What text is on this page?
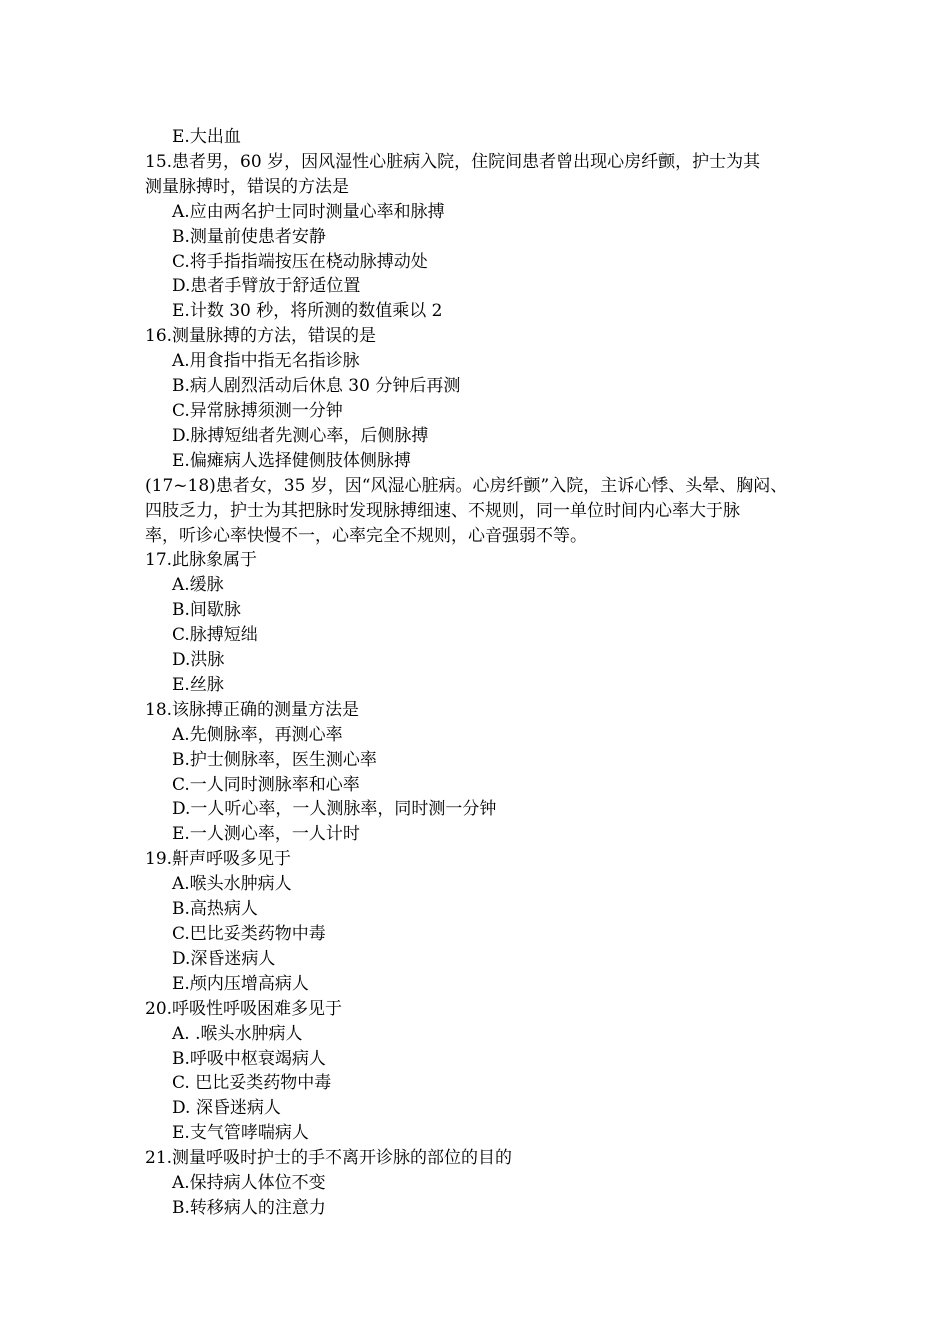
E.大出血
15.患者男，60 岁，因风湿性心脏病入院，住院间患者曾出现心房纤颤，护士为其
测量脉搏时，错误的方法是
A.应由两名护士同时测量心率和脉搏
B.测量前使患者安静
C.将手指指端按压在桡动脉搏动处
D.患者手臂放于舒适位置
E.计数 30 秒，将所测的数值乘以 2
16.测量脉搏的方法，错误的是
A.用食指中指无名指诊脉
B.病人剧烈活动后休息 30 分钟后再测
C.异常脉搏须测一分钟
D.脉搏短绌者先测心率，后侧脉搏
E.偏瘫病人选择健侧肢体侧脉搏
(17~18)患者女，35 岁，因“风湿心脏病。心房纤颤”入院，主诉心悸、头晕、胸闷、
四肢乏力，护士为其把脉时发现脉搏细速、不规则，同一单位时间内心率大于脉
率，听诊心率快慢不一，心率完全不规则，心音强弱不等。
17.此脉象属于
A.缓脉
B.间歇脉
C.脉搏短绌
D.洪脉
E.丝脉
18.该脉搏正确的测量方法是
A.先侧脉率，再测心率
B.护士侧脉率，医生测心率
C.一人同时测脉率和心率
D.一人听心率，一人测脉率，同时测一分钟
E.一人测心率，一人计时
19.鼾声呼吸多见于
A.喉头水肿病人
B.高热病人
C.巴比妥类药物中毒
D.深昏迷病人
E.颅内压增高病人
20.呼吸性呼吸困难多见于
A. .喉头水肿病人
B.呼吸中枢衰竭病人
C. 巴比妥类药物中毒
D. 深昏迷病人
E.支气管哮喘病人
21.测量呼吸时护士的手不离开诊脉的部位的目的
A.保持病人体位不变
B.转移病人的注意力
